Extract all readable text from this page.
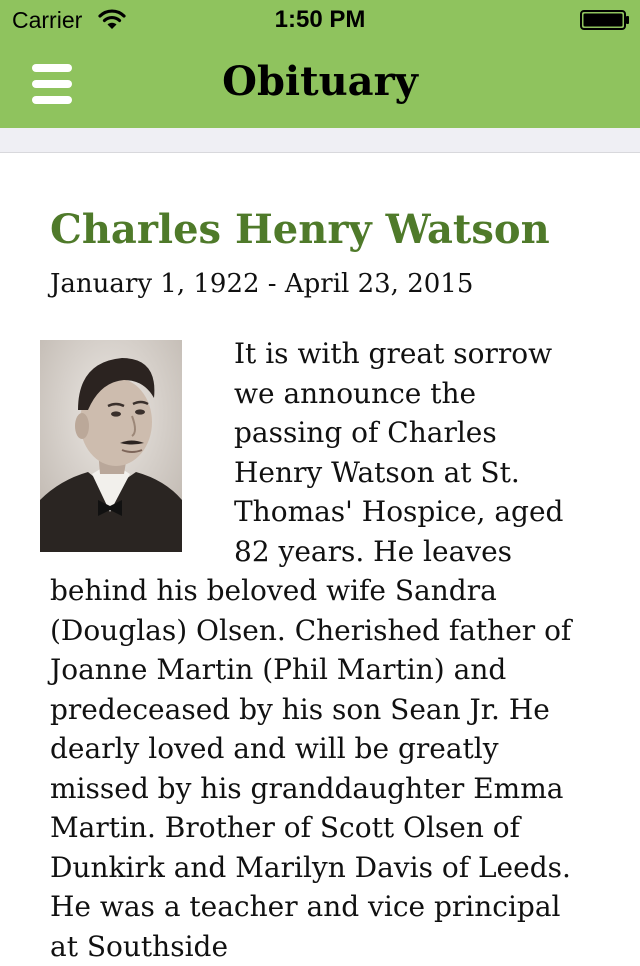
Carrier	1:50 PM
Obituary
Charles Henry Watson
January 1, 1922 - April 23, 2015
It is with great sorrow we announce the passing of Charles Henry Watson at St. Thomas' Hospice, aged 82 years. He leaves behind his beloved wife Sandra (Douglas) Olsen. Cherished father of Joanne Martin (Phil Martin) and predeceased by his son Sean Jr. He dearly loved and will be greatly missed by his granddaughter Emma Martin. Brother of Scott Olsen of Dunkirk and Marilyn Davis of Leeds. He was a teacher and vice principal at Southside
